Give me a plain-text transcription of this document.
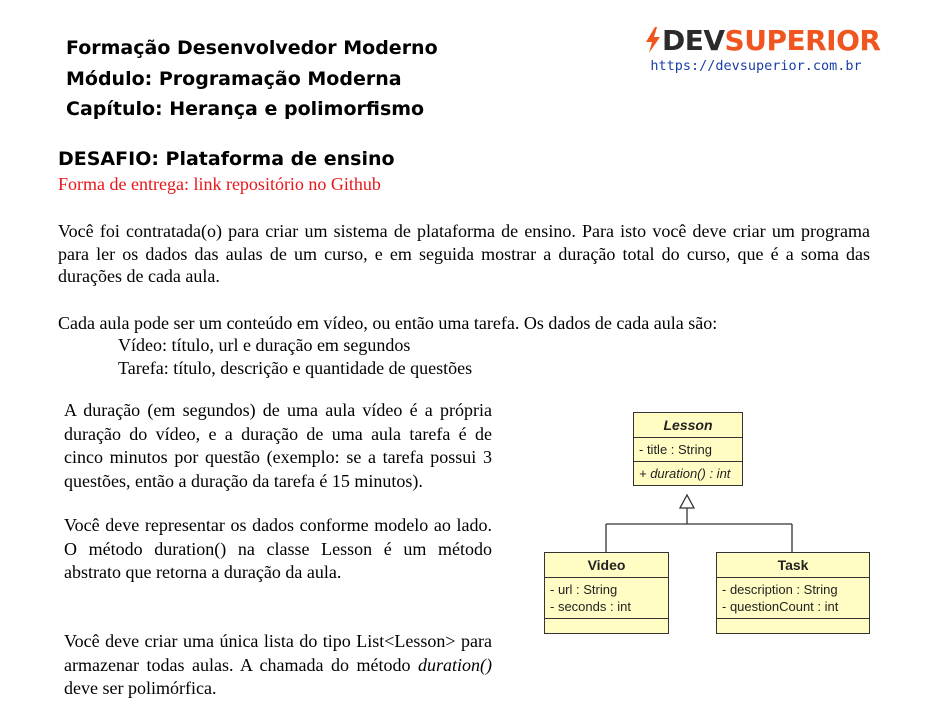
Formação Desenvolvedor Moderno
Módulo: Programação Moderna
Capítulo: Herança e polimorfismo
DEVSUPERIOR
https://devsuperior.com.br
DESAFIO: Plataforma de ensino
Forma de entrega: link repositório no Github
Você foi contratada(o) para criar um sistema de plataforma de ensino. Para isto você deve criar um programa para ler os dados das aulas de um curso, e em seguida mostrar a duração total do curso, que é a soma das durações de cada aula.
Cada aula pode ser um conteúdo em vídeo, ou então uma tarefa. Os dados de cada aula são:
Vídeo: título, url e duração em segundos
Tarefa: título, descrição e quantidade de questões
A duração (em segundos) de uma aula vídeo é a própria duração do vídeo, e a duração de uma aula tarefa é de cinco minutos por questão (exemplo: se a tarefa possui 3 questões, então a duração da tarefa é 15 minutos).
Você deve representar os dados conforme modelo ao lado. O método duration() na classe Lesson é um método abstrato que retorna a duração da aula.
Você deve criar uma única lista do tipo List<Lesson> para armazenar todas aulas. A chamada do método duration() deve ser polimórfica.
Lesson
- title : String
+ duration() : int
Video
- url : String
- seconds : int
Task
- description : String
- questionCount : int
